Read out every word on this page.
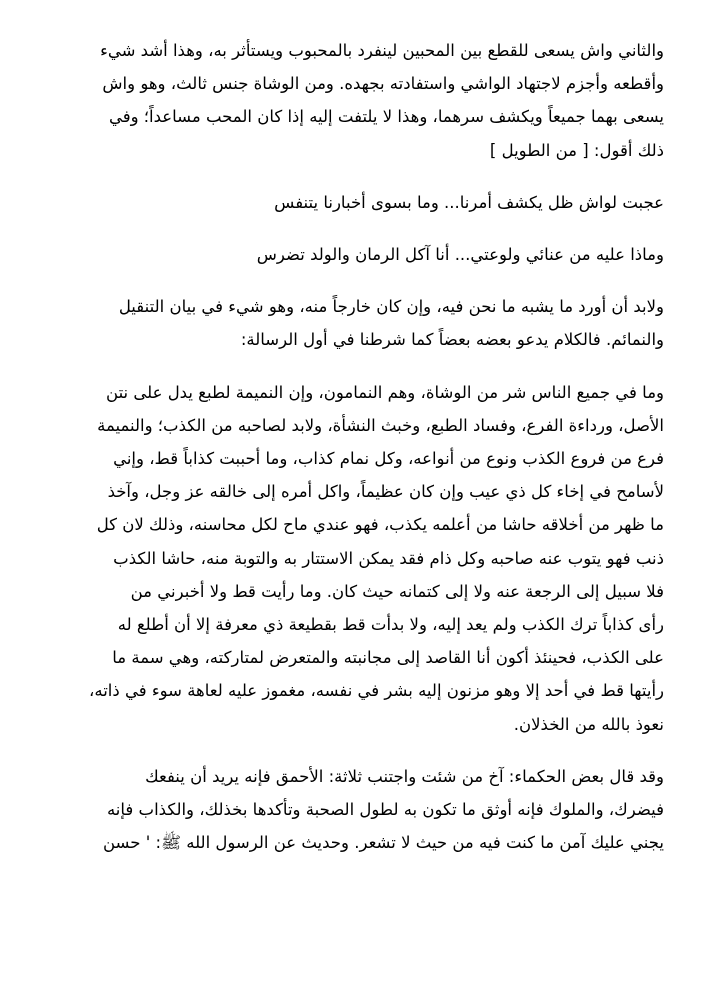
والثاني واش يسعى للقطع بين المحبين لينفرد بالمحبوب ويستأثر به، وهذا أشد شيء
وأقطعه وأجزم لاجتهاد الواشي واستفادته بجهده. ومن الوشاة جنس ثالث، وهو واش
يسعى بهما جميعاً ويكشف سرهما، وهذا لا يلتفت إليه إذا كان المحب مساعداً؛ وفي
ذلك أقول: [ من الطويل ]

عجبت لواش ظل يكشف أمرنا... وما بسوى أخبارنا يتنفس

وماذا عليه من عنائي ولوعتي... أنا آكل الرمان والولد تضرس

ولابد أن أورد ما يشبه ما نحن فيه، وإن كان خارجاً منه، وهو شيء في بيان التنقيل
والنمائم. فالكلام يدعو بعضه بعضاً كما شرطنا في أول الرسالة:

وما في جميع الناس شر من الوشاة، وهم النمامون، وإن النميمة لطبع يدل على نتن
الأصل، ورداءة الفرع، وفساد الطبع، وخبث النشأة، ولابد لصاحبه من الكذب؛ والنميمة
فرع من فروع الكذب ونوع من أنواعه، وكل نمام كذاب، وما أحببت كذاباً قط، وإني
لأسامح في إخاء كل ذي عيب وإن كان عظيماً، واكل أمره إلى خالقه عز وجل، وآخذ
ما ظهر من أخلاقه حاشا من أعلمه يكذب، فهو عندي ماح لكل محاسنه، وذلك لان كل
ذنب فهو يتوب عنه صاحبه وكل ذام فقد يمكن الاستتار به والتوبة منه، حاشا الكذب
فلا سبيل إلى الرجعة عنه ولا إلى كتمانه حيث كان. وما رأيت قط ولا أخبرني من
رأى كذاباً ترك الكذب ولم يعد إليه، ولا بدأت قط بقطيعة ذي معرفة إلا أن أطلع له
على الكذب، فحينئذ أكون أنا القاصد إلى مجانبته والمتعرض لمتاركته، وهي سمة ما
رأيتها قط في أحد إلا وهو مزنون إليه بشر في نفسه، مغموز عليه لعاهة سوء في ذاته،
نعوذ بالله من الخذلان.

وقد قال بعض الحكماء: آخ من شئت واجتنب ثلاثة: الأحمق فإنه يريد أن ينفعك
فيضرك، والملوك فإنه أوثق ما تكون به لطول الصحبة وتأكدها بخذلك، والكذاب فإنه
يجني عليك آمن ما كنت فيه من حيث لا تشعر. وحديث عن الرسول الله ﷺ: ' حسن
